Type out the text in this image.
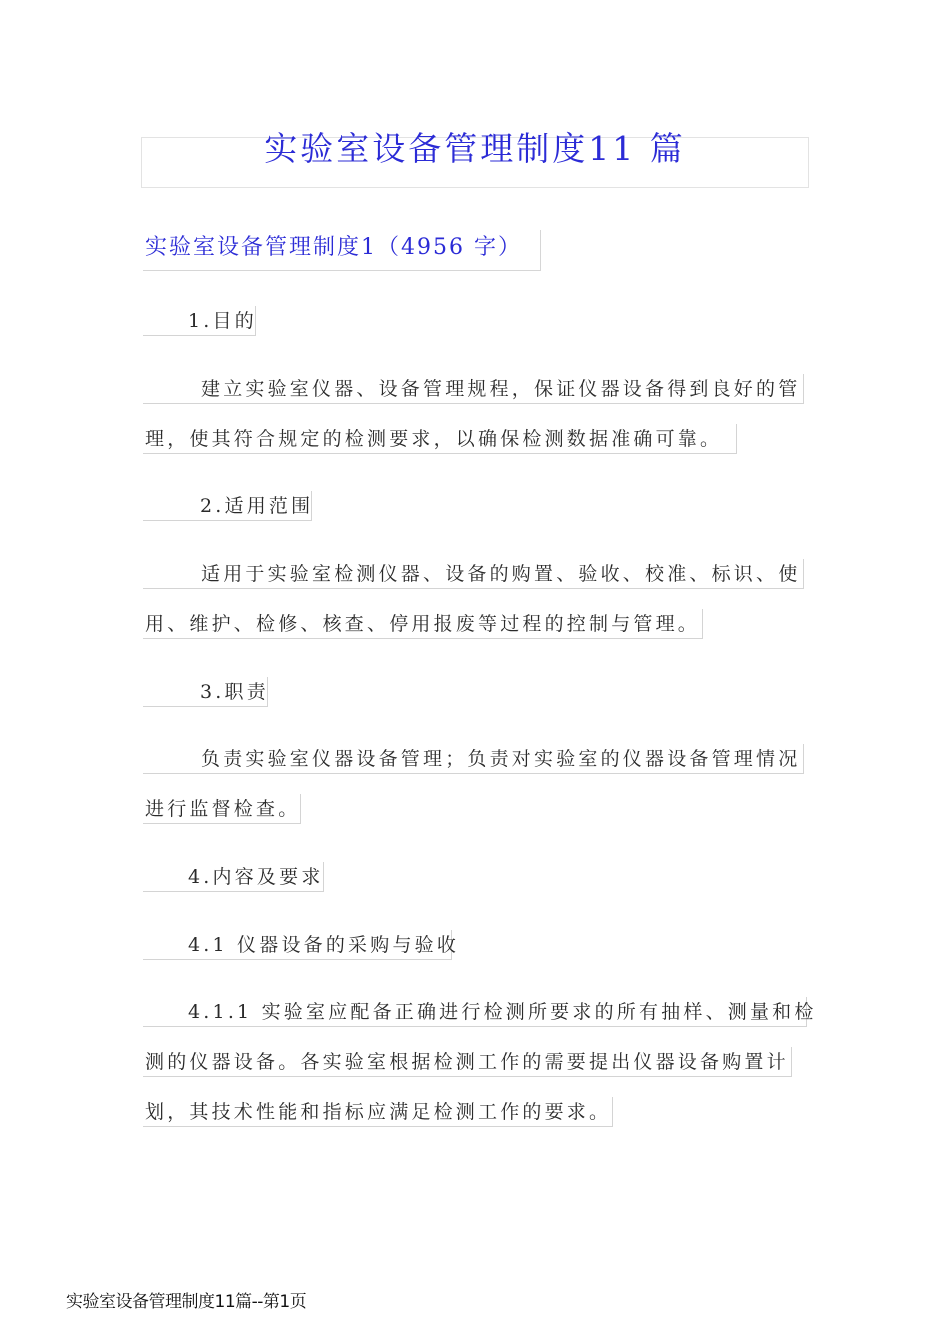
实验室设备管理制度11 篇
实验室设备管理制度1（4956 字）
1.目的
建立实验室仪器、设备管理规程，保证仪器设备得到良好的管
理，使其符合规定的检测要求，以确保检测数据准确可靠。
2.适用范围
适用于实验室检测仪器、设备的购置、验收、校准、标识、使
用、维护、检修、核查、停用报废等过程的控制与管理。
3.职责
负责实验室仪器设备管理；负责对实验室的仪器设备管理情况
进行监督检查。
4.内容及要求
4.1 仪器设备的采购与验收
4.1.1 实验室应配备正确进行检测所要求的所有抽样、测量和检
测的仪器设备。各实验室根据检测工作的需要提出仪器设备购置计
划，其技术性能和指标应满足检测工作的要求。
实验室设备管理制度11篇--第1页
